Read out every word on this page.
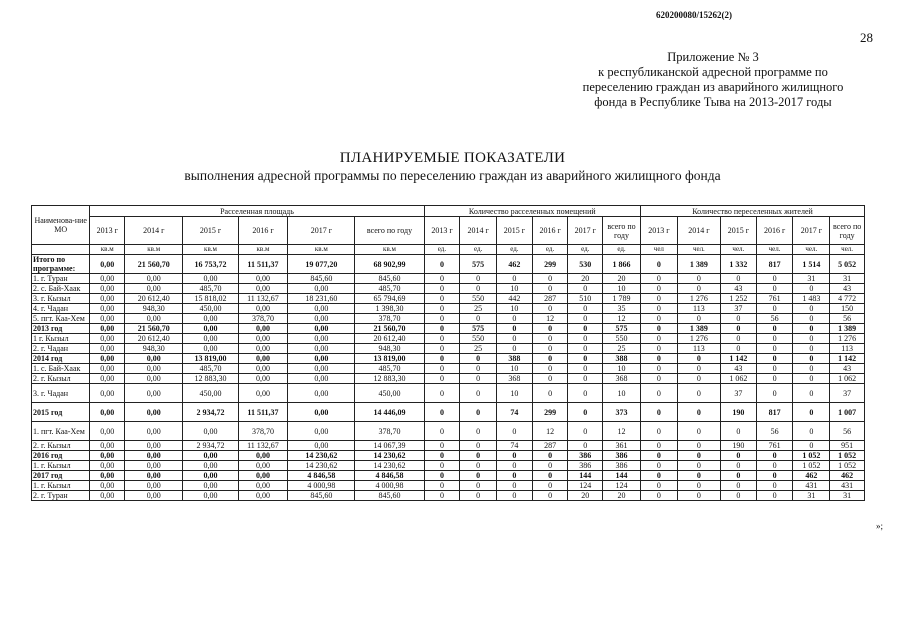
620200080/15262(2)
28
Приложение № 3
к республиканской адресной программе по
переселению граждан из аварийного жилищного
фонда в Республике Тыва на 2013-2017 годы
ПЛАНИРУЕМЫЕ ПОКАЗАТЕЛИ
выполнения адресной программы по переселению граждан из аварийного жилищного фонда
Наименова-ние МО	Расселенная площадь						Количество расселенных помещений						Количество переселенных жителей					
	2013 г	2014 г	2015 г	2016 г	2017 г	всего по году	2013 г	2014 г	2015 г	2016 г	2017 г	всего по году	2013 г	2014 г	2015 г	2016 г	2017 г	всего по году
	кв.м	кв.м	кв.м	кв.м	кв.м	кв.м	ед.	ед.	ед.	ед.	ед.	ед.	чел	чел.	чел.	чел.	чел.	чел.
Итого по программе:	0,00	21 560,70	16 753,72	11 511,37	19 077,20	68 902,99	0	575	462	299	530	1 866	0	1 389	1 332	817	1 514	5 052
1. г. Туран	0,00	0,00	0,00	0,00	845,60	845,60	0	0	0	0	20	20	0	0	0	0	31	31
2. с. Бай-Хаак	0,00	0,00	485,70	0,00	0,00	485,70	0	0	10	0	0	10	0	0	43	0	0	43
3. г. Кызыл	0,00	20 612,40	15 818,02	11 132,67	18 231,60	65 794,69	0	550	442	287	510	1 789	0	1 276	1 252	761	1 483	4 772
4. г. Чадан	0,00	948,30	450,00	0,00	0,00	1 398,30	0	25	10	0	0	35	0	113	37	0	0	150
5. пгт. Каа-Хем	0,00	0,00	0,00	378,70	0,00	378,70	0	0	0	12	0	12	0	0	0	56	0	56
2013 год	0,00	21 560,70	0,00	0,00	0,00	21 560,70	0	575	0	0	0	575	0	1 389	0	0	0	1 389
1 г. Кызыл	0,00	20 612,40	0,00	0,00	0,00	20 612,40	0	550	0	0	0	550	0	1 276	0	0	0	1 276
2. г. Чадан	0,00	948,30	0,00	0,00	0,00	948,30	0	25	0	0	0	25	0	113	0	0	0	113
2014 год	0,00	0,00	13 819,00	0,00	0,00	13 819,00	0	0	388	0	0	388	0	0	1 142	0	0	1 142
1. с. Бай-Хаак	0,00	0,00	485,70	0,00	0,00	485,70	0	0	10	0	0	10	0	0	43	0	0	43
2. г. Кызыл	0,00	0,00	12 883,30	0,00	0,00	12 883,30	0	0	368	0	0	368	0	0	1 062	0	0	1 062
3. г. Чадан	0,00	0,00	450,00	0,00	0,00	450,00	0	0	10	0	0	10	0	0	37	0	0	37
2015 год	0,00	0,00	2 934,72	11 511,37	0,00	14 446,09	0	0	74	299	0	373	0	0	190	817	0	1 007
1. пгт. Каа-Хем	0,00	0,00	0,00	378,70	0,00	378,70	0	0	0	12	0	12	0	0	0	56	0	56
2. г. Кызыл	0,00	0,00	2 934,72	11 132,67	0,00	14 067,39	0	0	74	287	0	361	0	0	190	761	0	951
2016 год	0,00	0,00	0,00	0,00	14 230,62	14 230,62	0	0	0	0	386	386	0	0	0	0	1 052	1 052
1. г. Кызыл	0,00	0,00	0,00	0,00	14 230,62	14 230,62	0	0	0	0	386	386	0	0	0	0	1 052	1 052
2017 год	0,00	0,00	0,00	0,00	4 846,58	4 846,58	0	0	0	0	144	144	0	0	0	0	462	462
1. г. Кызыл	0,00	0,00	0,00	0,00	4 000,98	4 000,98	0	0	0	0	124	124	0	0	0	0	431	431
2. г. Туран	0,00	0,00	0,00	0,00	845,60	845,60	0	0	0	0	20	20	0	0	0	0	31	31
»;
